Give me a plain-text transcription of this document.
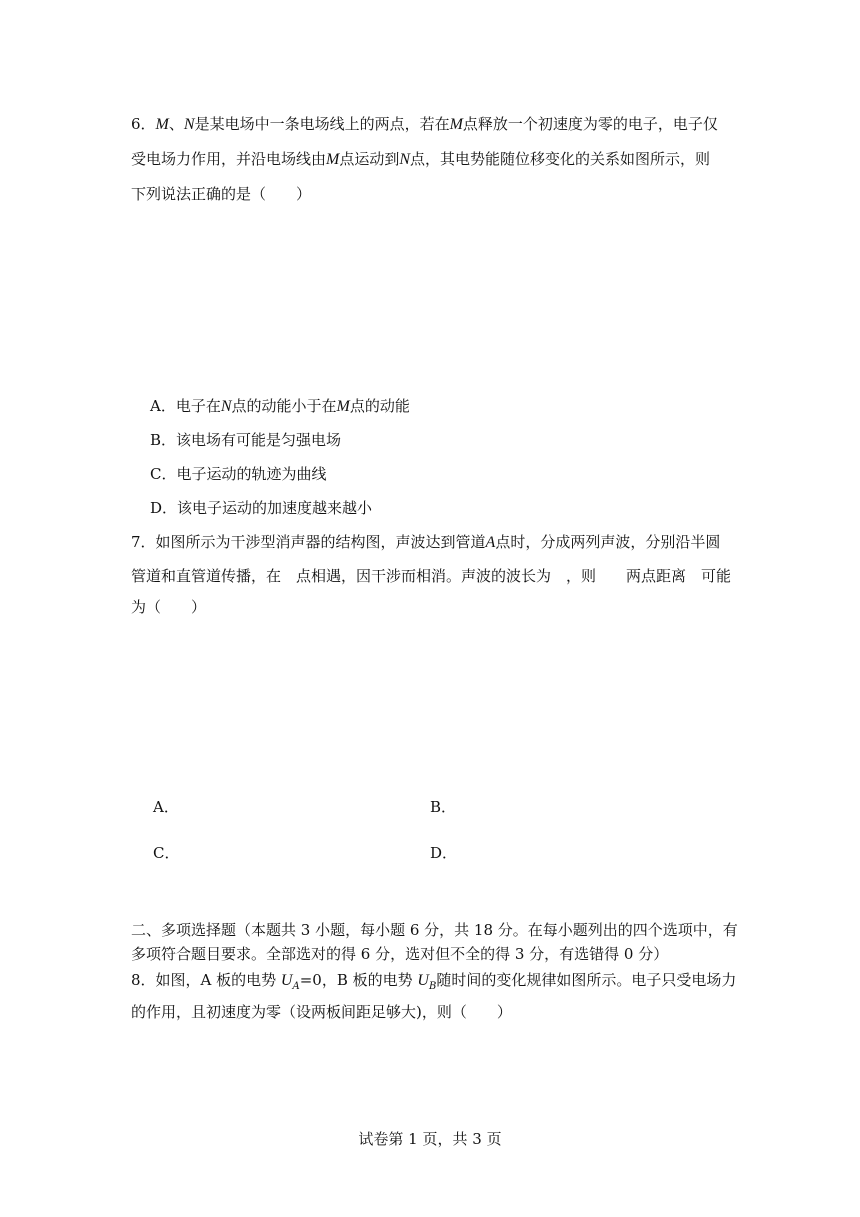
6．M、N是某电场中一条电场线上的两点，若在M点释放一个初速度为零的电子，电子仅
受电场力作用，并沿电场线由M点运动到N点，其电势能随位移变化的关系如图所示，则
下列说法正确的是（　　）
A．电子在N点的动能小于在M点的动能
B．该电场有可能是匀强电场
C．电子运动的轨迹为曲线
D．该电子运动的加速度越来越小
7．如图所示为干涉型消声器的结构图，声波达到管道A点时，分成两列声波，分别沿半圆
管道和直管道传播，在　点相遇，因干涉而相消。声波的波长为　，则　　两点距离　可能
为（　　）
A．	B．
C．	D．
二、多项选择题（本题共 3 小题，每小题 6 分，共 18 分。在每小题列出的四个选项中，有
多项符合题目要求。全部选对的得 6 分，选对但不全的得 3 分，有选错得 0 分）
8．如图，A 板的电势 $U_A=0$，B 板的电势 $U_B$随时间的变化规律如图所示。电子只受电场力
的作用，且初速度为零（设两板间距足够大)，则（　　）
试卷第 1 页，共 3 页
